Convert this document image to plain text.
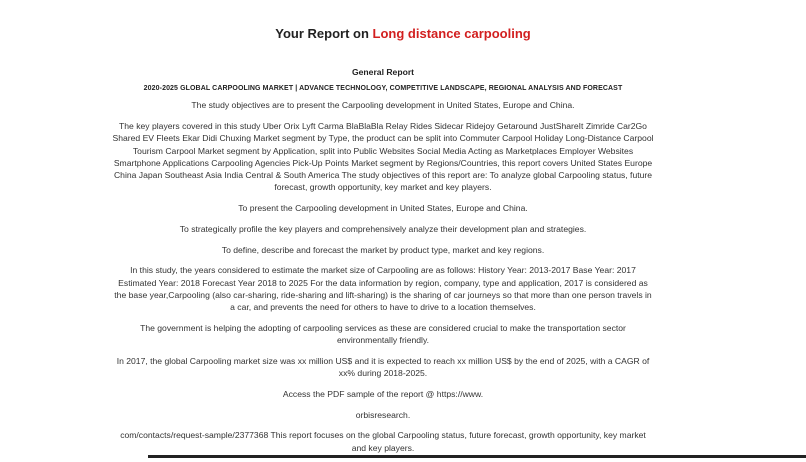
Your Report on Long distance carpooling
General Report
2020-2025 GLOBAL CARPOOLING MARKET | ADVANCE TECHNOLOGY, COMPETITIVE LANDSCAPE, REGIONAL ANALYSIS AND FORECAST

The study objectives are to present the Carpooling development in United States, Europe and China.

The key players covered in this study Uber Orix Lyft Carma BlaBlaBla Relay Rides Sidecar Ridejoy Getaround JustShareIt Zimride Car2Go Shared EV Fleets Ekar Didi Chuxing Market segment by Type, the product can be split into Commuter Carpool Holiday Long-Distance Carpool Tourism Carpool Market segment by Application, split into Public Websites Social Media Acting as Marketplaces Employer Websites Smartphone Applications Carpooling Agencies Pick-Up Points Market segment by Regions/Countries, this report covers United States Europe China Japan Southeast Asia India Central & South America The study objectives of this report are: To analyze global Carpooling status, future forecast, growth opportunity, key market and key players.

To present the Carpooling development in United States, Europe and China.

To strategically profile the key players and comprehensively analyze their development plan and strategies.

To define, describe and forecast the market by product type, market and key regions.

In this study, the years considered to estimate the market size of Carpooling are as follows: History Year: 2013-2017 Base Year: 2017 Estimated Year: 2018 Forecast Year 2018 to 2025 For the data information by region, company, type and application, 2017 is considered as the base year,Carpooling (also car-sharing, ride-sharing and lift-sharing) is the sharing of car journeys so that more than one person travels in a car, and prevents the need for others to have to drive to a location themselves.

The government is helping the adopting of carpooling services as these are considered crucial to make the transportation sector environmentally friendly.

In 2017, the global Carpooling market size was xx million US$ and it is expected to reach xx million US$ by the end of 2025, with a CAGR of xx% during 2018-2025.

Access the PDF sample of the report @ https://www.

orbisresearch.

com/contacts/request-sample/2377368 This report focuses on the global Carpooling status, future forecast, growth opportunity, key market and key players.
